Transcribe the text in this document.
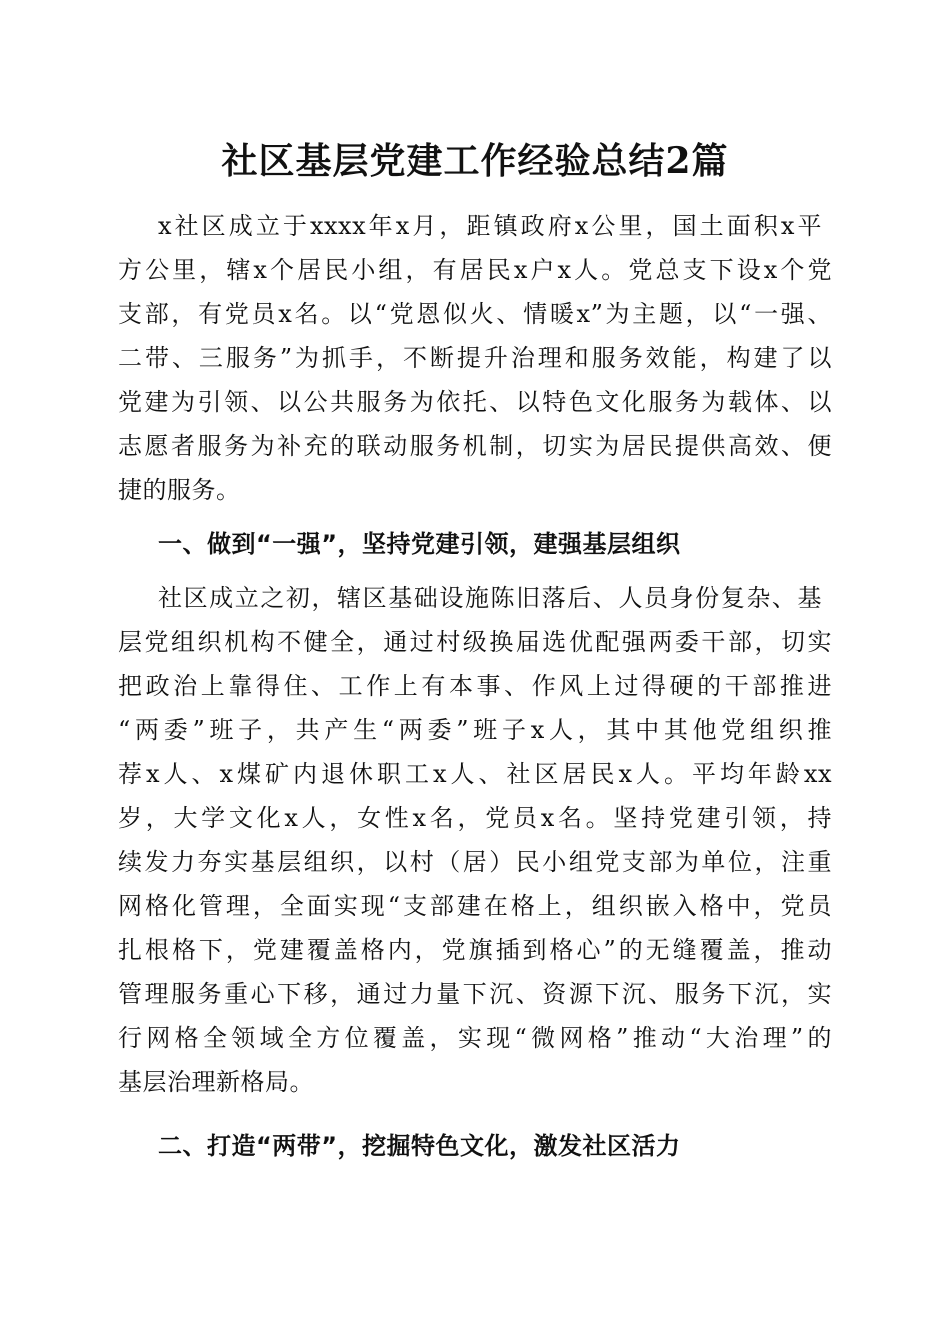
社区基层党建工作经验总结2篇
x社区成立于xxxx年x月，距镇政府x公里，国土面积x平
方公里，辖x个居民小组，有居民x户x人。党总支下设x个党
支部，有党员x名。以“党恩似火、情暖x”为主题，以“一强、
二带、三服务”为抓手，不断提升治理和服务效能，构建了以
党建为引领、以公共服务为依托、以特色文化服务为载体、以
志愿者服务为补充的联动服务机制，切实为居民提供高效、便
捷的服务。
一、做到“一强”，坚持党建引领，建强基层组织
社区成立之初，辖区基础设施陈旧落后、人员身份复杂、基
层党组织机构不健全，通过村级换届选优配强两委干部，切实
把政治上靠得住、工作上有本事、作风上过得硬的干部推进
“两委”班子，共产生“两委”班子x人，其中其他党组织推
荐x人、x煤矿内退休职工x人、社区居民x人。平均年龄xx
岁，大学文化x人，女性x名，党员x名。坚持党建引领，持
续发力夯实基层组织，以村（居）民小组党支部为单位，注重
网格化管理，全面实现“支部建在格上，组织嵌入格中，党员
扎根格下，党建覆盖格内，党旗插到格心”的无缝覆盖，推动
管理服务重心下移，通过力量下沉、资源下沉、服务下沉，实
行网格全领域全方位覆盖，实现“微网格”推动“大治理”的
基层治理新格局。
二、打造“两带”，挖掘特色文化，激发社区活力
